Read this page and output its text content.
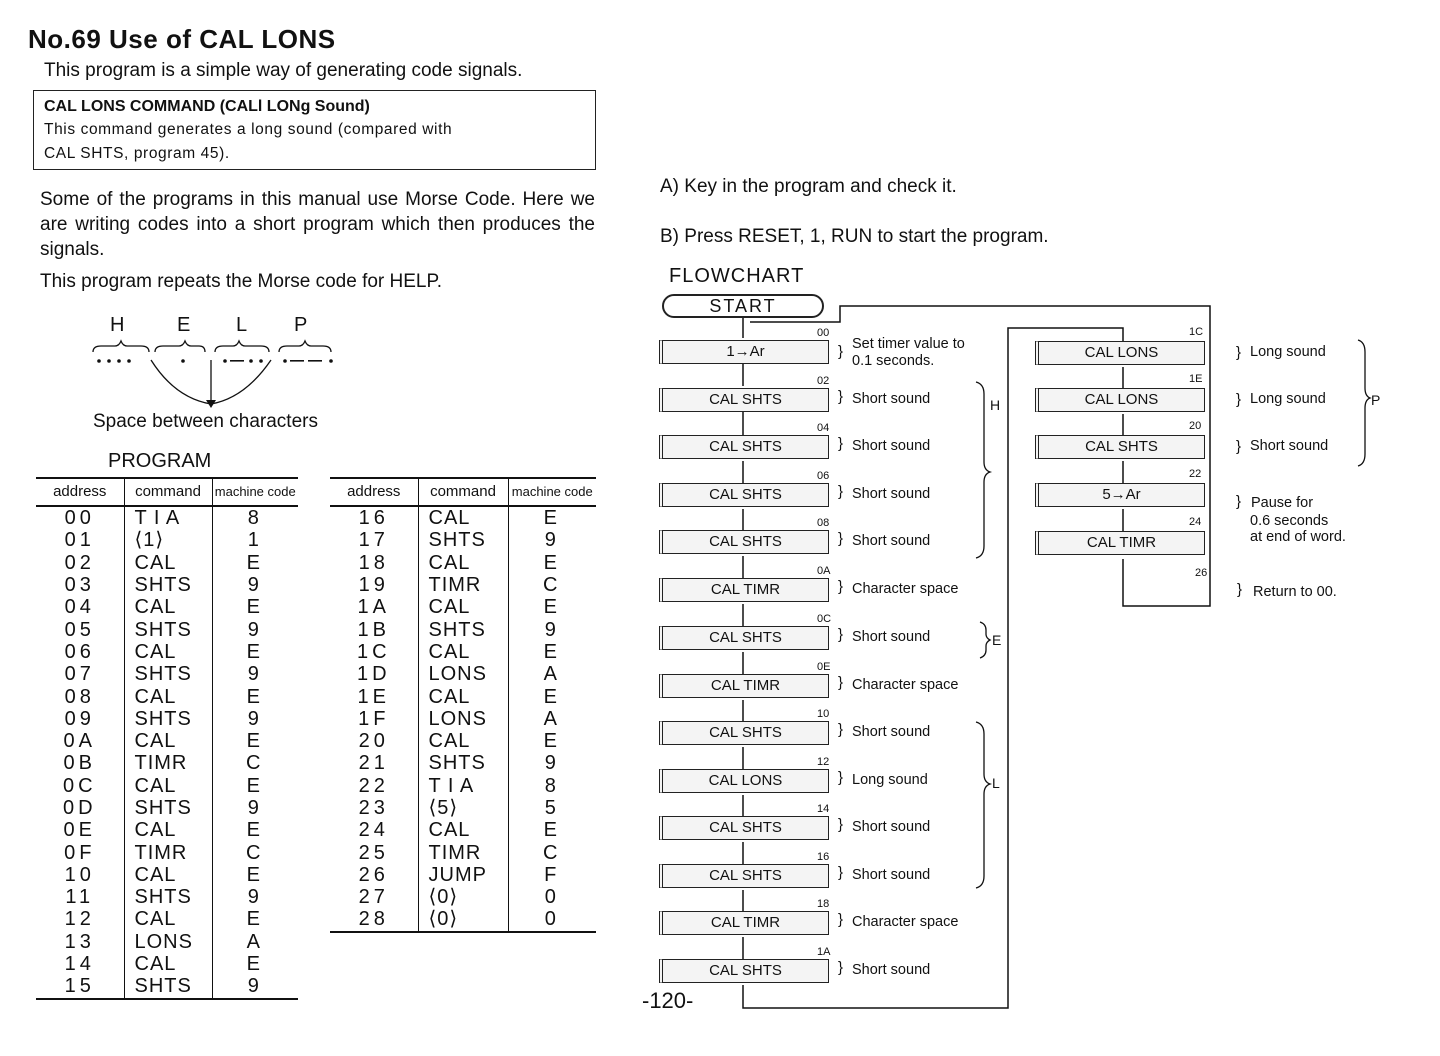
No.69 Use of CAL LONS
This program is a simple way of generating code signals.
CAL LONS COMMAND (CALl LONg Sound)
This command generates a long sound (compared with
CAL SHTS, program 45).
Some of the programs in this manual use Morse Code. Here we are writing codes into a short program which then produces the signals.
This program repeats the Morse code for HELP.
H	E L P
Space between characters
PROGRAM
address	command	machine code
00	T I A	8
01	⟨1⟩	1
02	CAL	E
03	SHTS	9
04	CAL	E
05	SHTS	9
06	CAL	E
07	SHTS	9
08	CAL	E
09	SHTS	9
0A	CAL	E
0B	TIMR	C
0C	CAL	E
0D	SHTS	9
0E	CAL	E
0F	TIMR	C
10	CAL	E
11	SHTS	9
12	CAL	E
13	LONS	A
14	CAL	E
15	SHTS	9
address	command	machine code
16	CAL	E
17	SHTS	9
18	CAL	E
19	TIMR	C
1A	CAL	E
1B	SHTS	9
1C	CAL	E
1D	LONS	A
1E	CAL	E
1F	LONS	A
20	CAL	E
21	SHTS	9
22	T I A	8
23	⟨5⟩	5
24	CAL	E
25	TIMR	C
26	JUMP	F
27	⟨0⟩	0
28	⟨0⟩	0
A) Key in the program and check it.
B) Press RESET, 1, RUN to start the program.
FLOWCHART
START
00
1→Ar	} Set timer value to
0.1 seconds.
02
CAL SHTS	} Short sound
04
CAL SHTS	} Short sound
06
CAL SHTS	} Short sound
08
CAL SHTS	} Short sound
0A
CAL TIMR	} Character space
0C
CAL SHTS	} Short sound
0E
CAL TIMR	} Character space
10
CAL SHTS	} Short sound
12
CAL LONS	} Long sound
14
CAL SHTS	} Short sound
16
CAL SHTS	} Short sound
18
CAL TIMR	} Character space
1A
CAL SHTS	} Short sound
1C
CAL LONS	} Long sound
1E
CAL LONS	} Long sound
20
CAL SHTS	} Short sound
22
5→Ar	} Pause for
0.6 seconds
24
CAL TIMR	at end of word.
26
} Return to 00.
H
E
L
P
-120-
